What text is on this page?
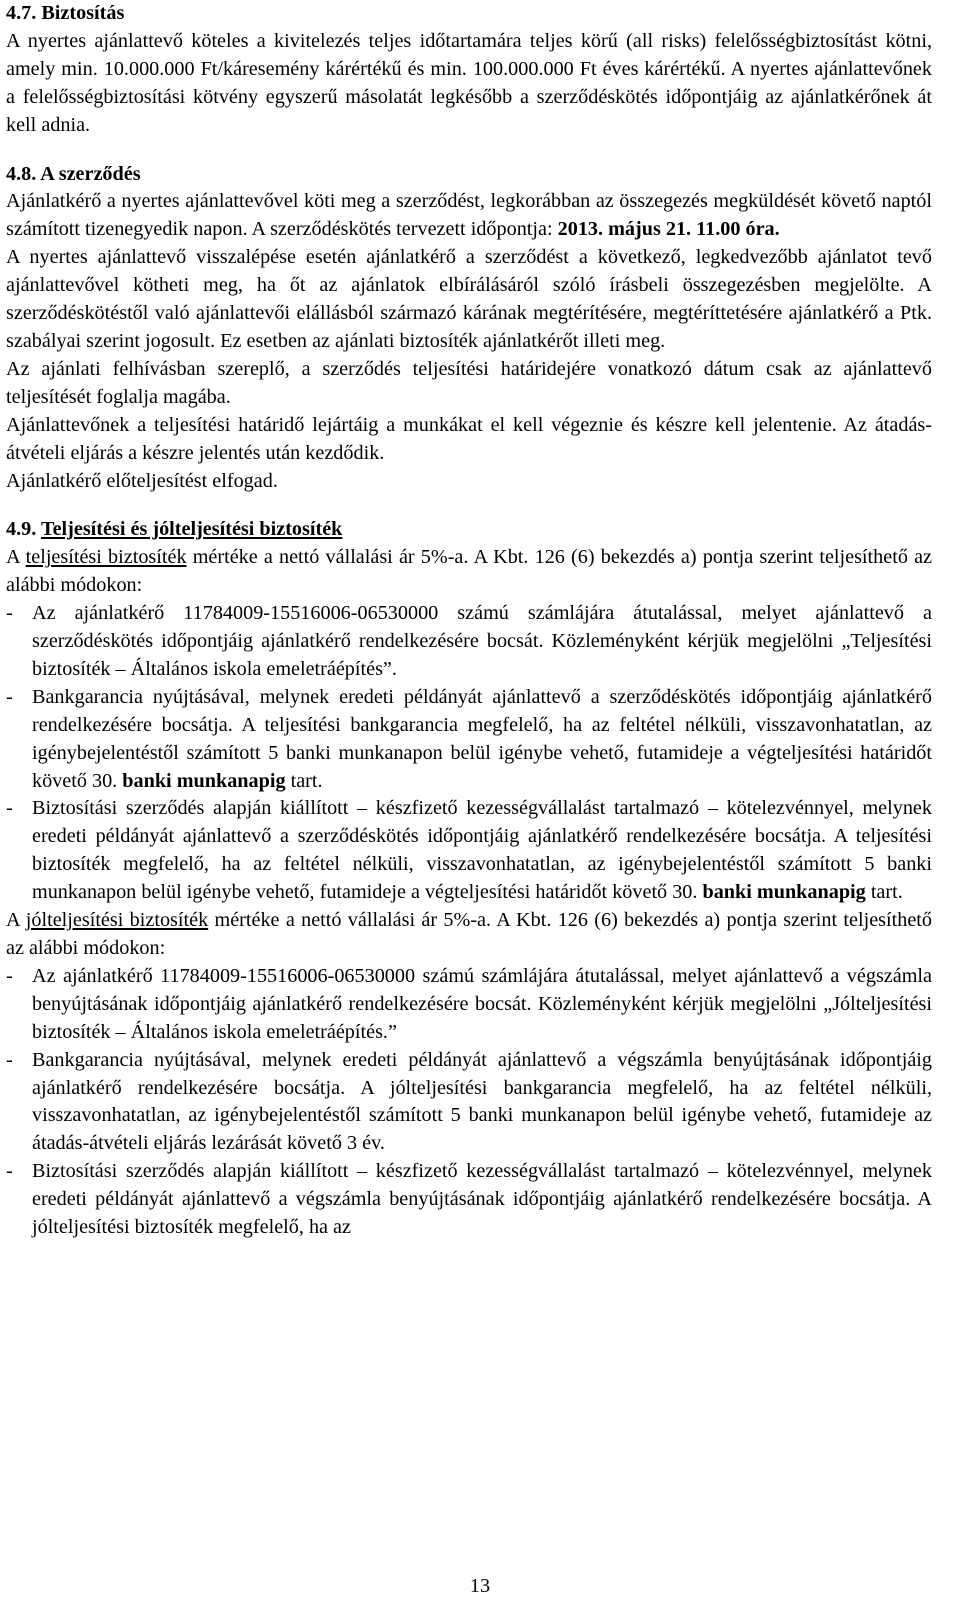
4.7. Biztosítás

A nyertes ajánlattevő köteles a kivitelezés teljes időtartamára teljes körű (all risks) felelősségbiztosítást kötni, amely min. 10.000.000 Ft/káresemény kárértékű és min. 100.000.000 Ft éves kárértékű. A nyertes ajánlattevőnek a felelősségbiztosítási kötvény egyszerű másolatát legkésőbb a szerződéskötés időpontjáig az ajánlatkérőnek át kell adnia.

4.8. A szerződés

Ajánlatkérő a nyertes ajánlattevővel köti meg a szerződést, legkorábban az összegezés megküldését követő naptól számított tizenegyedik napon. A szerződéskötés tervezett időpontja: 2013. május 21. 11.00 óra.

A nyertes ajánlattevő visszalépése esetén ajánlatkérő a szerződést a következő, legkedvezőbb ajánlatot tevő ajánlattevővel kötheti meg, ha őt az ajánlatok elbírálásáról szóló írásbeli összegezésben megjelölte. A szerződéskötéstől való ajánlattevői elállásból származó kárának megtérítésére, megtéríttetésére ajánlatkérő a Ptk. szabályai szerint jogosult. Ez esetben az ajánlati biztosíték ajánlatkérőt illeti meg.

Az ajánlati felhívásban szereplő, a szerződés teljesítési határidejére vonatkozó dátum csak az ajánlattevő teljesítését foglalja magába.

Ajánlattevőnek a teljesítési határidő lejártáig a munkákat el kell végeznie és készre kell jelentenie. Az átadás-átvételi eljárás a készre jelentés után kezdődik.

Ajánlatkérő előteljesítést elfogad.

4.9. Teljesítési és jólteljesítési biztosíték

A teljesítési biztosíték mértéke a nettó vállalási ár 5%-a. A Kbt. 126 (6) bekezdés a) pontja szerint teljesíthető az alábbi módokon:

- Az ajánlatkérő 11784009-15516006-06530000 számú számlájára átutalással, melyet ajánlattevő a szerződéskötés időpontjáig ajánlatkérő rendelkezésére bocsát. Közleményként kérjük megjelölni „Teljesítési biztosíték – Általános iskola emeletráépítés”.

- Bankgarancia nyújtásával, melynek eredeti példányát ajánlattevő a szerződéskötés időpontjáig ajánlatkérő rendelkezésére bocsátja. A teljesítési bankgarancia megfelelő, ha az feltétel nélküli, visszavonhatatlan, az igénybejelentéstől számított 5 banki munkanapon belül igénybe vehető, futamideje a végteljesítési határidőt követő 30. banki munkanapig tart.

- Biztosítási szerződés alapján kiállított – készfizető kezességvállalást tartalmazó – kötelezvénnyel, melynek eredeti példányát ajánlattevő a szerződéskötés időpontjáig ajánlatkérő rendelkezésére bocsátja. A teljesítési biztosíték megfelelő, ha az feltétel nélküli, visszavonhatatlan, az igénybejelentéstől számított 5 banki munkanapon belül igénybe vehető, futamideje a végteljesítési határidőt követő 30. banki munkanapig tart.

A jólteljesítési biztosíték mértéke a nettó vállalási ár 5%-a. A Kbt. 126 (6) bekezdés a) pontja szerint teljesíthető az alábbi módokon:

- Az ajánlatkérő 11784009-15516006-06530000 számú számlájára átutalással, melyet ajánlattevő a végszámla benyújtásának időpontjáig ajánlatkérő rendelkezésére bocsát. Közleményként kérjük megjelölni „Jólteljesítési biztosíték – Általános iskola emeletráépítés.”

- Bankgarancia nyújtásával, melynek eredeti példányát ajánlattevő a végszámla benyújtásának időpontjáig ajánlatkérő rendelkezésére bocsátja. A jólteljesítési bankgarancia megfelelő, ha az feltétel nélküli, visszavonhatatlan, az igénybejelentéstől számított 5 banki munkanapon belül igénybe vehető, futamideje az átadás-átvételi eljárás lezárását követő 3 év.

- Biztosítási szerződés alapján kiállított – készfizető kezességvállalást tartalmazó – kötelezvénnyel, melynek eredeti példányát ajánlattevő a végszámla benyújtásának időpontjáig ajánlatkérő rendelkezésére bocsátja. A jólteljesítési biztosíték megfelelő, ha az

13
